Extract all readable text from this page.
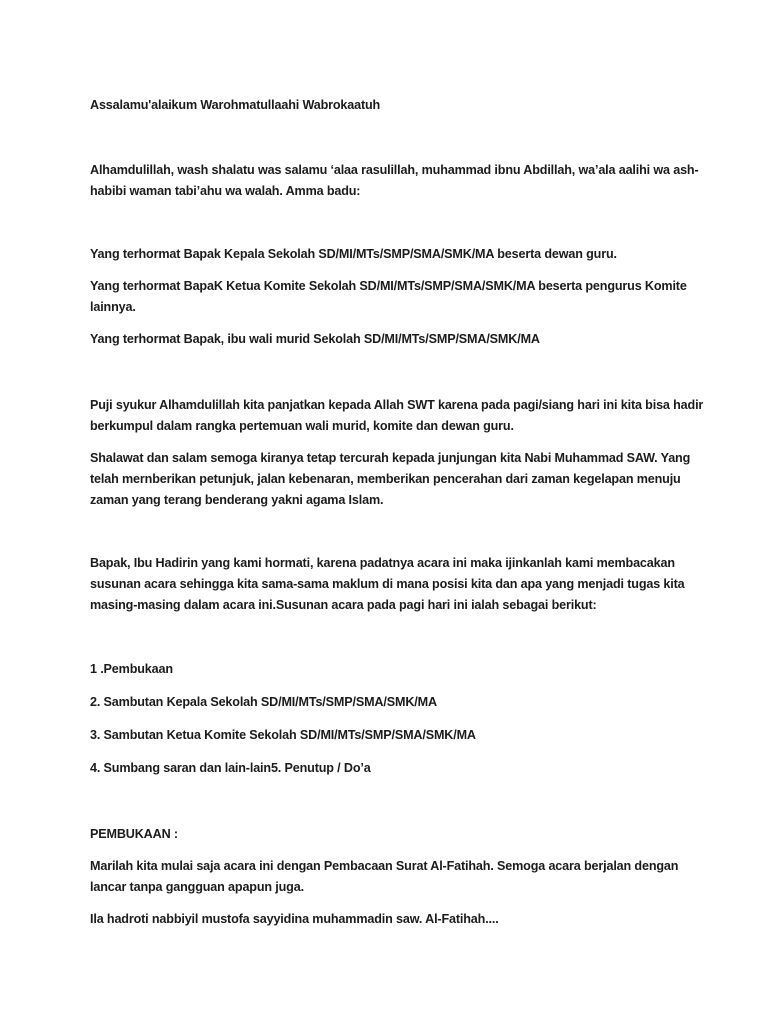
Assalamu'alaikum Warohmatullaahi Wabrokaatuh
Alhamdulillah, wash shalatu was salamu ‘alaa rasulillah, muhammad ibnu Abdillah, wa’ala aalihi wa ash-
habibi waman tabi’ahu wa walah. Amma badu:
Yang terhormat Bapak Kepala Sekolah SD/MI/MTs/SMP/SMA/SMK/MA beserta dewan guru.
Yang terhormat BapaK Ketua Komite Sekolah SD/MI/MTs/SMP/SMA/SMK/MA beserta pengurus Komite
lainnya.
Yang terhormat Bapak, ibu wali murid Sekolah SD/MI/MTs/SMP/SMA/SMK/MA
Puji syukur Alhamdulillah kita panjatkan kepada Allah SWT karena pada pagi/siang hari ini kita bisa hadir
berkumpul dalam rangka pertemuan wali murid, komite dan dewan guru.
Shalawat dan salam semoga kiranya tetap tercurah kepada junjungan kita Nabi Muhammad SAW. Yang
telah mernberikan petunjuk, jalan kebenaran, memberikan pencerahan dari zaman kegelapan menuju
zaman yang terang benderang yakni agama Islam.
Bapak, Ibu Hadirin yang kami hormati, karena padatnya acara ini maka ijinkanlah kami membacakan
susunan acara sehingga kita sama-sama maklum di mana posisi kita dan apa yang menjadi tugas kita
masing-masing dalam acara ini.Susunan acara pada pagi hari ini ialah sebagai berikut:
1 .Pembukaan
2. Sambutan Kepala Sekolah SD/MI/MTs/SMP/SMA/SMK/MA
3. Sambutan Ketua Komite Sekolah SD/MI/MTs/SMP/SMA/SMK/MA
4. Sumbang saran dan lain-lain5. Penutup / Do’a
PEMBUKAAN :
Marilah kita mulai saja acara ini dengan Pembacaan Surat Al-Fatihah. Semoga acara berjalan dengan
lancar tanpa gangguan apapun juga.
Ila hadroti nabbiyil mustofa sayyidina muhammadin saw. Al-Fatihah....
